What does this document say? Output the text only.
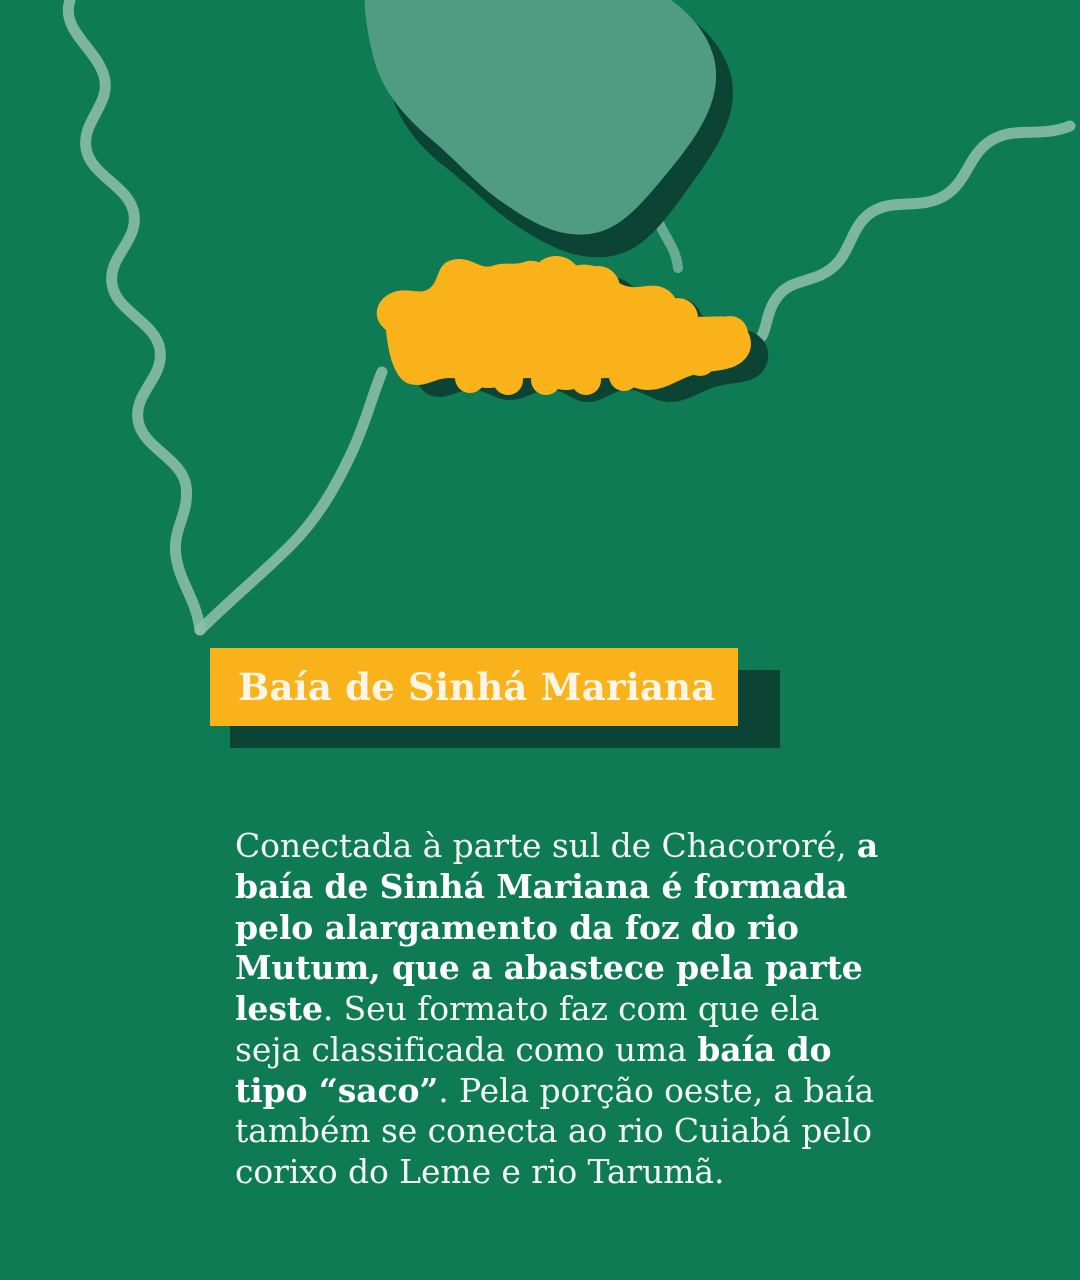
Baía de Sinhá Mariana

Conectada à parte sul de Chacororé, a baía de Sinhá Mariana é formada pelo alargamento da foz do rio Mutum, que a abastece pela parte leste. Seu formato faz com que ela seja classificada como uma baía do tipo “saco”. Pela porção oeste, a baía também se conecta ao rio Cuiabá pelo corixo do Leme e rio Tarumã.
